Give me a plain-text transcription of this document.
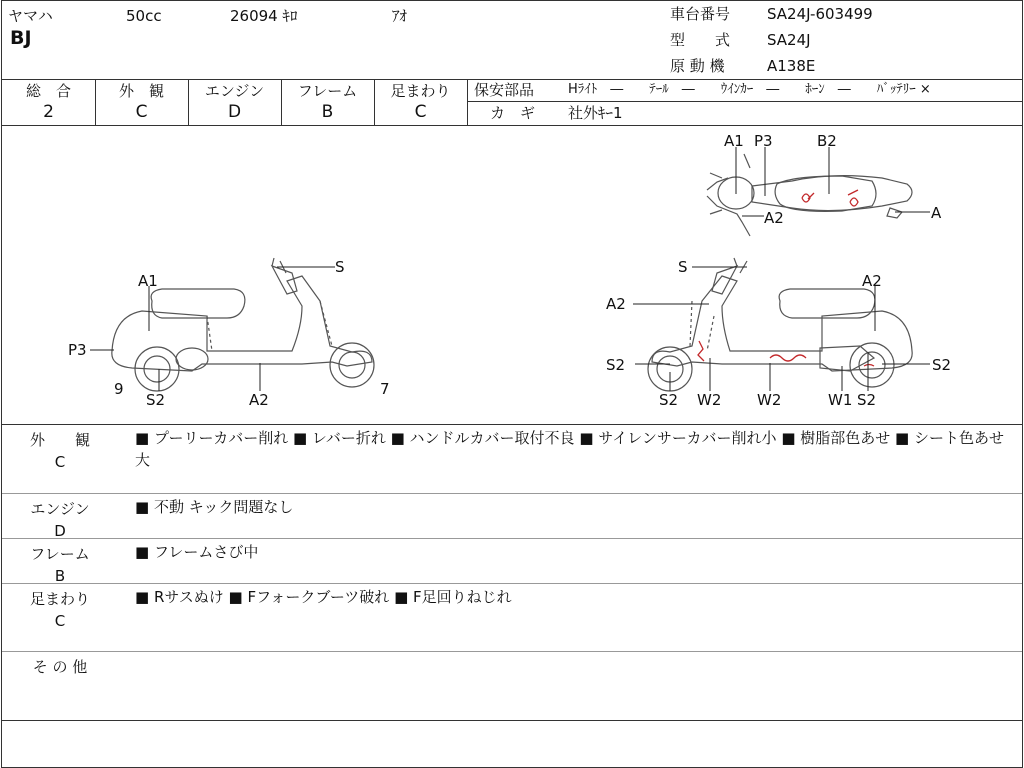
ヤマハ	50cc	26094 ｷﾛ	ｱｵ
BJ
車台番号 SA24J-603499
型　　式 SA24J
原 動 機	A138E
総　合	外　観	エンジン	フレーム	足まわり
2	C	D	B	C
保安部品	Hﾗｲﾄ　―　　ﾃｰﾙ　―　　ｳｲﾝｶｰ　―　　ﾎｰﾝ　―　　ﾊﾞｯﾃﾘｰ ×
カ　ギ 社外ｷｰ1
A1
S
P3
9
S2	A2
7
A1 P3	B2
A2	A
S
A2
A2
S2
S2
S2
W2 W2	W1 S2
外　　観
C
■ プーリーカバー削れ ■ レバー折れ ■ ハンドルカバー取付不良 ■ サイレンサーカバー削れ小 ■ 樹脂部色あせ ■ シート色あせ大
エンジン
D
■ 不動 キック問題なし
フレーム
B
■ フレームさび中
足まわり
C
■ Rサスぬけ ■ Fフォークブーツ破れ ■ F足回りねじれ
そ の 他
